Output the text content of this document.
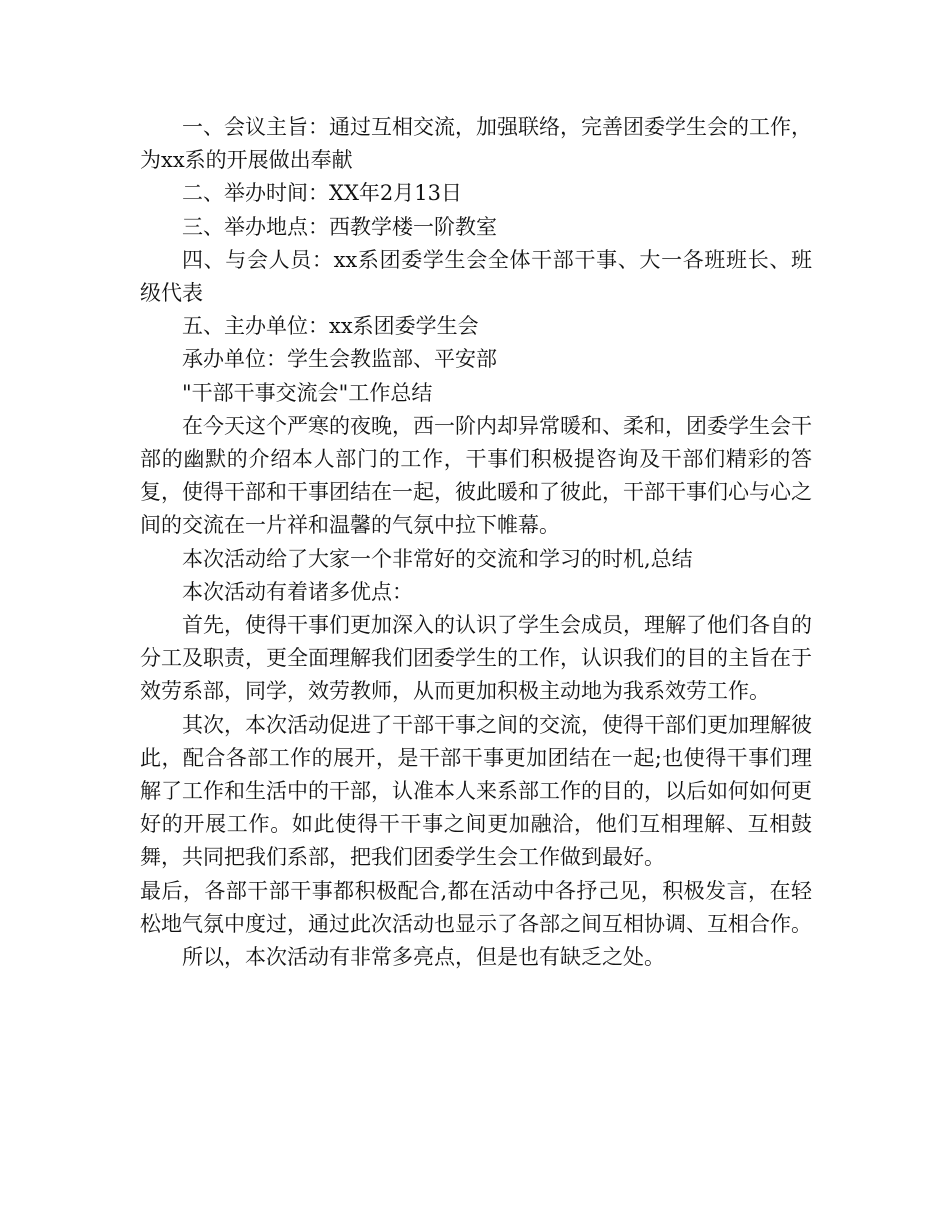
一、会议主旨：通过互相交流，加强联络，完善团委学生会的工作，为xx系的开展做出奉献

二、举办时间：XX年2月13日

三、举办地点：西教学楼一阶教室

四、与会人员：xx系团委学生会全体干部干事、大一各班班长、班级代表

五、主办单位：xx系团委学生会

承办单位：学生会教监部、平安部

"干部干事交流会"工作总结

在今天这个严寒的夜晚，西一阶内却异常暖和、柔和，团委学生会干部的幽默的介绍本人部门的工作，干事们积极提咨询及干部们精彩的答复，使得干部和干事团结在一起，彼此暖和了彼此，干部干事们心与心之间的交流在一片祥和温馨的气氛中拉下帷幕。

本次活动给了大家一个非常好的交流和学习的时机,总结

本次活动有着诸多优点：

首先，使得干事们更加深入的认识了学生会成员，理解了他们各自的分工及职责，更全面理解我们团委学生的工作，认识我们的目的主旨在于效劳系部，同学，效劳教师，从而更加积极主动地为我系效劳工作。

其次，本次活动促进了干部干事之间的交流，使得干部们更加理解彼此，配合各部工作的展开，是干部干事更加团结在一起;也使得干事们理解了工作和生活中的干部，认准本人来系部工作的目的，以后如何如何更好的开展工作。如此使得干干事之间更加融洽，他们互相理解、互相鼓舞，共同把我们系部，把我们团委学生会工作做到最好。

最后，各部干部干事都积极配合,都在活动中各抒己见，积极发言，在轻松地气氛中度过，通过此次活动也显示了各部之间互相协调、互相合作。

所以，本次活动有非常多亮点，但是也有缺乏之处。
